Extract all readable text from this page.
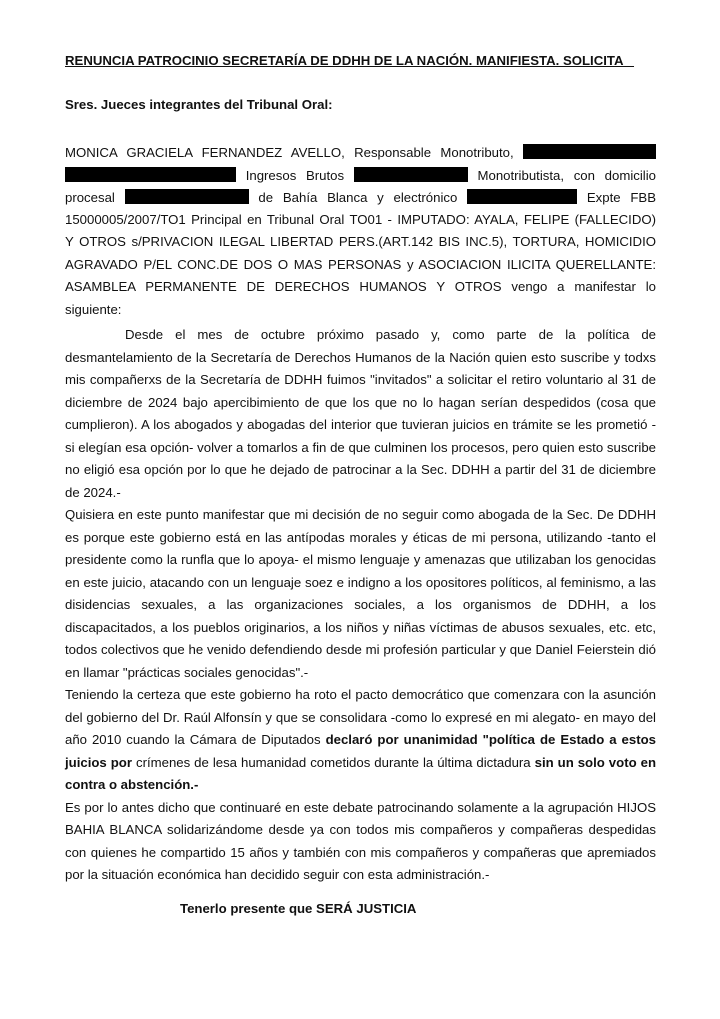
RENUNCIA PATROCINIO SECRETARÍA DE DDHH DE LA NACIÓN. MANIFIESTA. SOLICITA

Sres. Jueces integrantes del Tribunal Oral:

MONICA GRACIELA FERNANDEZ AVELLO, Responsable Monotributo,
Ingresos Brutos	Monotributista, con domicilio
procesal	de Bahía Blanca y electrónico	Expte FBB
15000005/2007/TO1 Principal en Tribunal Oral TO01 - IMPUTADO: AYALA, FELIPE (FALLECIDO)
Y OTROS s/PRIVACION ILEGAL LIBERTAD PERS.(ART.142 BIS INC.5), TORTURA, HOMICIDIO
AGRAVADO P/EL CONC.DE DOS O MAS PERSONAS y ASOCIACION ILICITA QUERELLANTE:
ASAMBLEA PERMANENTE DE DERECHOS HUMANOS Y OTROS vengo a manifestar lo
siguiente:

Desde el mes de octubre próximo pasado y, como parte de la política de desmantelamiento de la Secretaría de Derechos Humanos de la Nación quien esto suscribe y todxs mis compañerxs de la Secretaría de DDHH fuimos "invitados" a solicitar el retiro voluntario al 31 de diciembre de 2024 bajo apercibimiento de que los que no lo hagan serían despedidos (cosa que cumplieron). A los abogados y abogadas del interior que tuvieran juicios en trámite se les prometió -si elegían esa opción- volver a tomarlos a fin de que culminen los procesos, pero quien esto suscribe no eligió esa opción por lo que he dejado de patrocinar a la Sec. DDHH a partir del 31 de diciembre de 2024.-

Quisiera en este punto manifestar que mi decisión de no seguir como abogada de la Sec. De DDHH es porque este gobierno está en las antípodas morales y éticas de mi persona, utilizando -tanto el presidente como la runfla que lo apoya- el mismo lenguaje y amenazas que utilizaban los genocidas en este juicio, atacando con un lenguaje soez e indigno a los opositores políticos, al feminismo, a las disidencias sexuales, a las organizaciones sociales, a los organismos de DDHH, a los discapacitados, a los pueblos originarios, a los niños y niñas víctimas de abusos sexuales, etc. etc, todos colectivos que he venido defendiendo desde mi profesión particular y que Daniel Feierstein dió en llamar "prácticas sociales genocidas".-

Teniendo la certeza que este gobierno ha roto el pacto democrático que comenzara con la asunción del gobierno del Dr. Raúl Alfonsín y que se consolidara -como lo expresé en mi alegato- en mayo del año 2010 cuando la Cámara de Diputados declaró por unanimidad "política de Estado a estos juicios por crímenes de lesa humanidad cometidos durante la última dictadura sin un solo voto en contra o abstención.-

Es por lo antes dicho que continuaré en este debate patrocinando solamente a la agrupación HIJOS BAHIA BLANCA solidarizándome desde ya con todos mis compañeros y compañeras despedidas con quienes he compartido 15 años y también con mis compañeros y compañeras que apremiados por la situación económica han decidido seguir con esta administración.-

Tenerlo presente que SERÁ JUSTICIA
